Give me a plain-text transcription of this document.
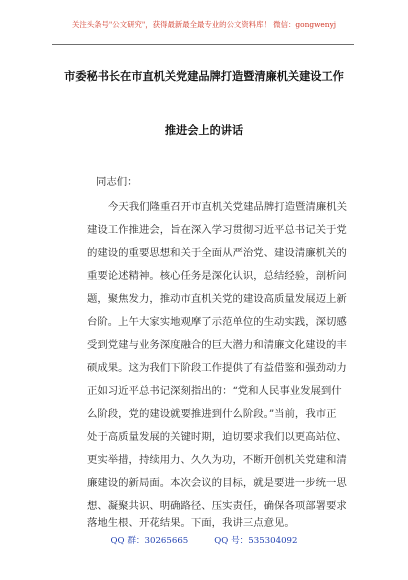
关注头条号"公文研究"，获得最新最全最专业的公文资料库！ 微信：gongwenyj
市委秘书长在市直机关党建品牌打造暨清廉机关建设工作
推进会上的讲话
同志们：
今天我们隆重召开市直机关党建品牌打造暨清廉机关
建设工作推进会，旨在深入学习贯彻习近平总书记关于党
的建设的重要思想和关于全面从严治党、建设清廉机关的
重要论述精神。核心任务是深化认识，总结经验，剖析问
题，聚焦发力，推动市直机关党的建设高质量发展迈上新
台阶。上午大家实地观摩了示范单位的生动实践，深切感
受到党建与业务深度融合的巨大潜力和清廉文化建设的丰
硕成果。这为我们下阶段工作提供了有益借鉴和强劲动力
正如习近平总书记深刻指出的：“党和人民事业发展到什
么阶段，党的建设就要推进到什么阶段。”当前，我市正
处于高质量发展的关键时期，迫切要求我们以更高站位、
更实举措，持续用力、久久为功，不断开创机关党建和清
廉建设的新局面。本次会议的目标，就是要进一步统一思
想、凝聚共识、明确路径、压实责任，确保各项部署要求
落地生根、开花结果。下面，我讲三点意见。
QQ 群：30265665	QQ 号：535304092
